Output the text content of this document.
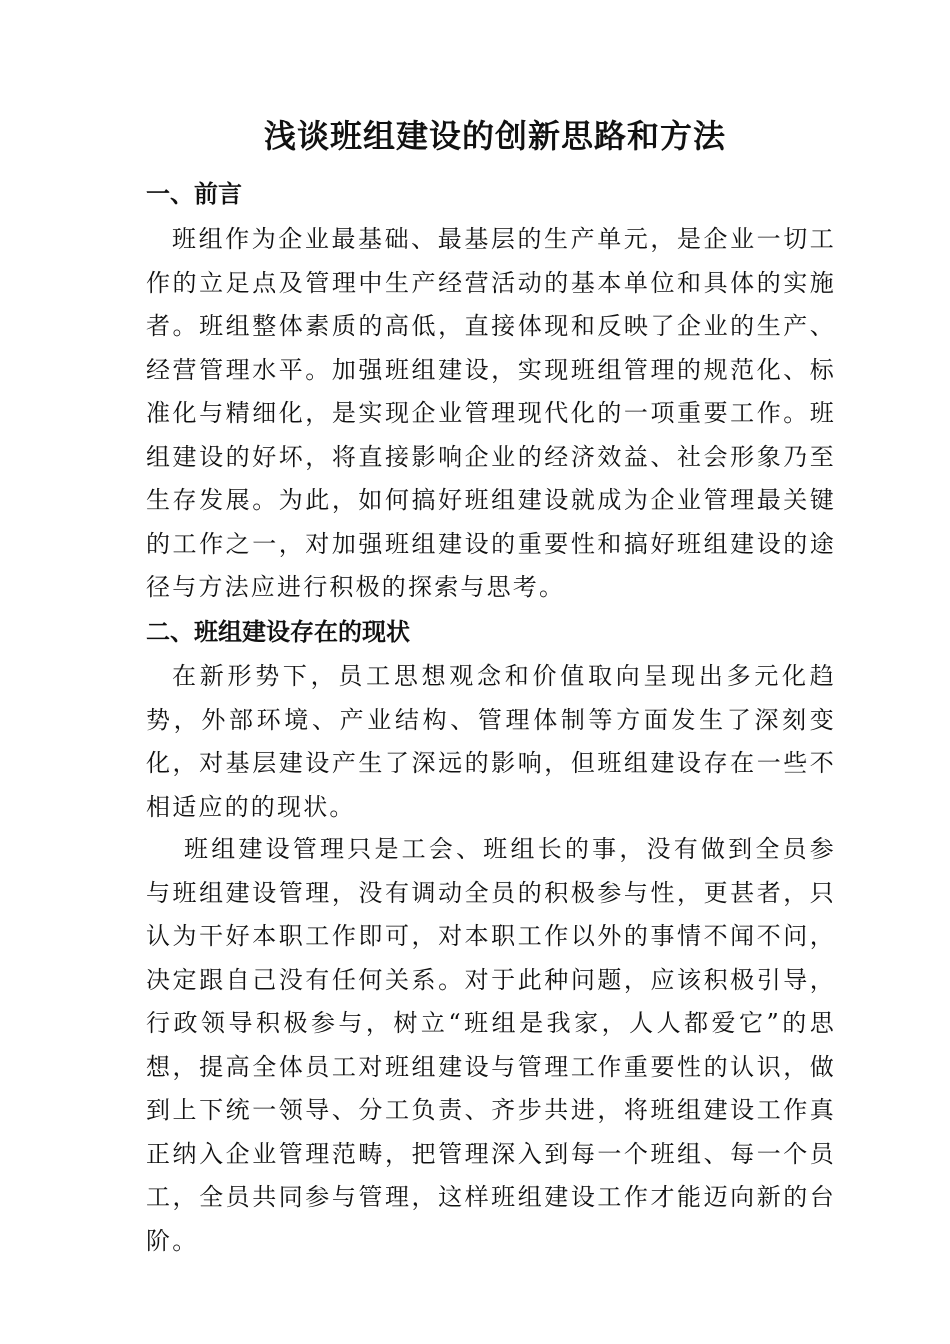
浅谈班组建设的创新思路和方法
一、前言

班组作为企业最基础、最基层的生产单元，是企业一切工作的立足点及管理中生产经营活动的基本单位和具体的实施者。班组整体素质的高低，直接体现和反映了企业的生产、经营管理水平。加强班组建设，实现班组管理的规范化、标准化与精细化，是实现企业管理现代化的一项重要工作。班组建设的好坏，将直接影响企业的经济效益、社会形象乃至生存发展。为此，如何搞好班组建设就成为企业管理最关键的工作之一，对加强班组建设的重要性和搞好班组建设的途径与方法应进行积极的探索与思考。

二、班组建设存在的现状

在新形势下，员工思想观念和价值取向呈现出多元化趋势，外部环境、产业结构、管理体制等方面发生了深刻变化，对基层建设产生了深远的影响，但班组建设存在一些不相适应的的现状。

班组建设管理只是工会、班组长的事，没有做到全员参与班组建设管理，没有调动全员的积极参与性，更甚者，只认为干好本职工作即可，对本职工作以外的事情不闻不问，决定跟自己没有任何关系。对于此种问题，应该积极引导，行政领导积极参与，树立“班组是我家，人人都爱它”的思想，提高全体员工对班组建设与管理工作重要性的认识，做到上下统一领导、分工负责、齐步共进，将班组建设工作真正纳入企业管理范畴，把管理深入到每一个班组、每一个员工，全员共同参与管理，这样班组建设工作才能迈向新的台阶。
